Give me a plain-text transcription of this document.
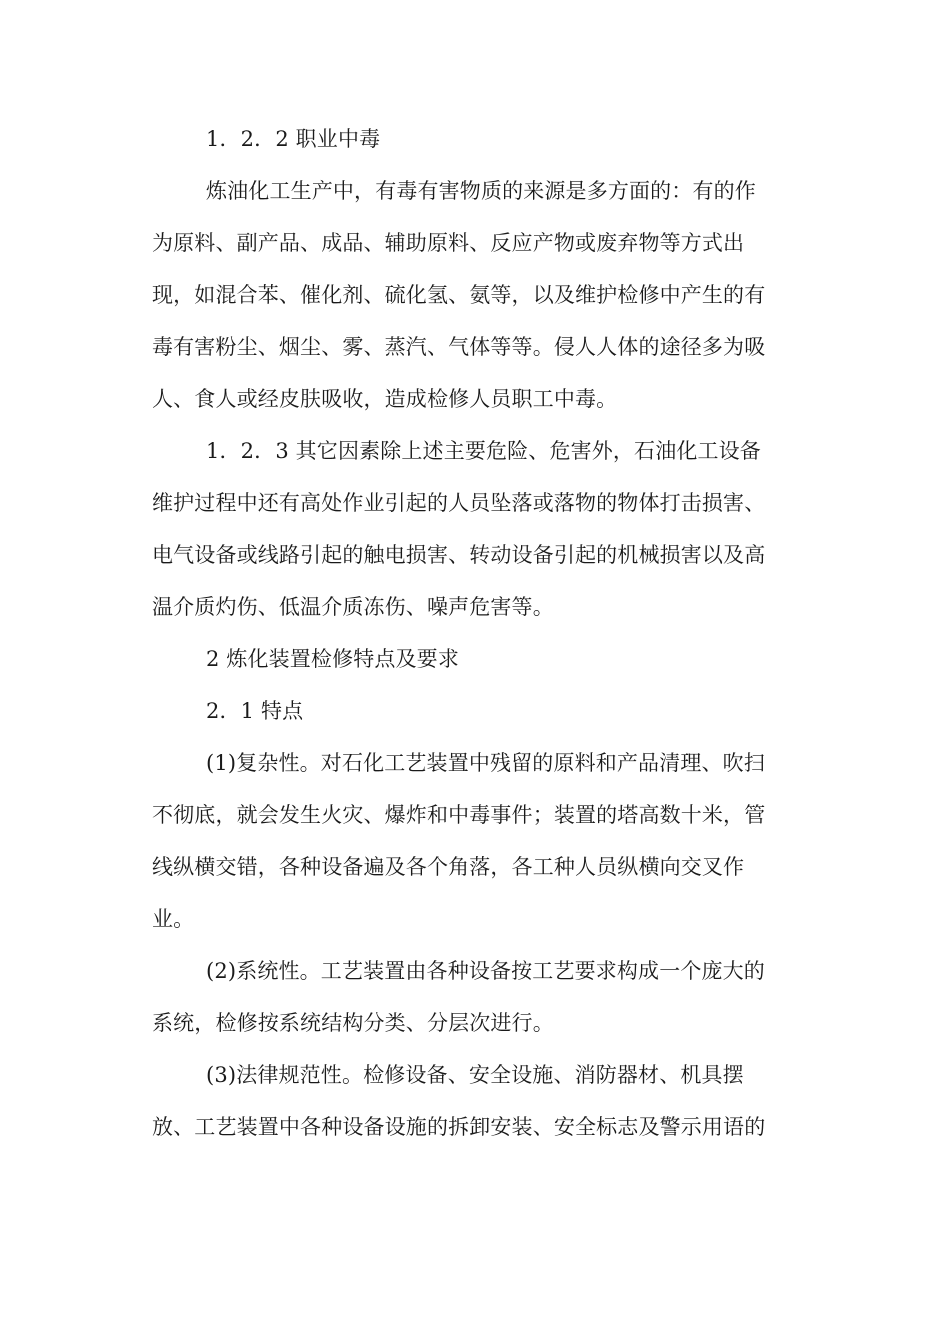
1．2．2 职业中毒
炼油化工生产中，有毒有害物质的来源是多方面的：有的作
为原料、副产品、成品、辅助原料、反应产物或废弃物等方式出
现，如混合苯、催化剂、硫化氢、氨等，以及维护检修中产生的有
毒有害粉尘、烟尘、雾、蒸汽、气体等等。侵人人体的途径多为吸
人、食人或经皮肤吸收，造成检修人员职工中毒。
1．2．3 其它因素除上述主要危险、危害外，石油化工设备
维护过程中还有高处作业引起的人员坠落或落物的物体打击损害、
电气设备或线路引起的触电损害、转动设备引起的机械损害以及高
温介质灼伤、低温介质冻伤、噪声危害等。
2 炼化装置检修特点及要求
2．1 特点
(1)复杂性。对石化工艺装置中残留的原料和产品清理、吹扫
不彻底，就会发生火灾、爆炸和中毒事件；装置的塔高数十米，管
线纵横交错，各种设备遍及各个角落，各工种人员纵横向交叉作
业。
(2)系统性。工艺装置由各种设备按工艺要求构成一个庞大的
系统，检修按系统结构分类、分层次进行。
(3)法律规范性。检修设备、安全设施、消防器材、机具摆
放、工艺装置中各种设备设施的拆卸安装、安全标志及警示用语的
